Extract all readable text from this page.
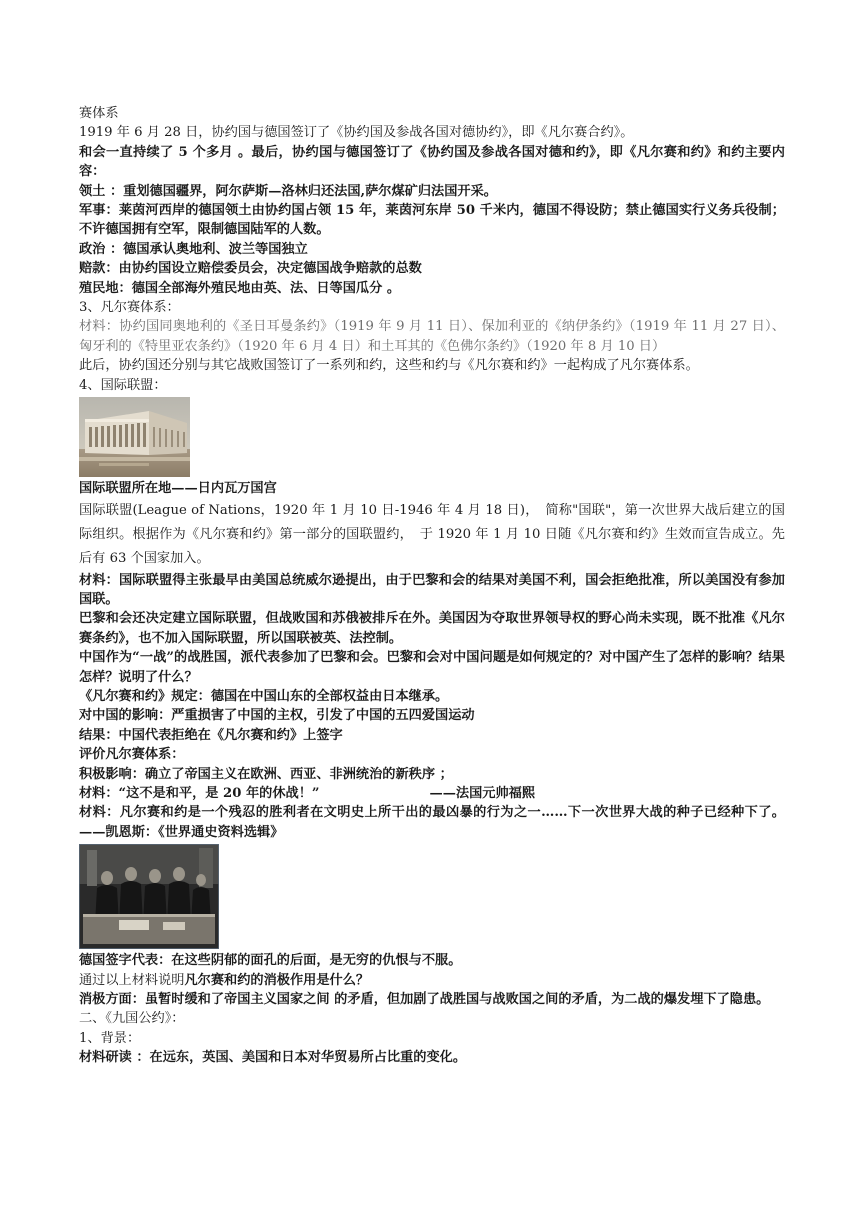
赛体系
1919 年 6 月 28 日，协约国与德国签订了《协约国及参战各国对德协约》，即《凡尔赛合约》。
和会一直持续了 5 个多月 。最后，协约国与德国签订了《协约国及参战各国对德和约》，即《凡尔赛和约》和约主要内容：
领土 ：重划德国疆界，阿尔萨斯—洛林归还法国,萨尔煤矿归法国开采。
军事：莱茵河西岸的德国领土由协约国占领 15 年，莱茵河东岸 50 千米内，德国不得设防；禁止德国实行义务兵役制；不许德国拥有空军，限制德国陆军的人数。
政治 ：德国承认奥地利、波兰等国独立
赔款：由协约国设立赔偿委员会，决定德国战争赔款的总数
殖民地：德国全部海外殖民地由英、法、日等国瓜分 。
3、凡尔赛体系：
材料：协约国同奥地利的《圣日耳曼条约》（1919 年 9 月 11 日）、保加利亚的《纳伊条约》（1919 年 11 月 27 日）、匈牙利的《特里亚农条约》（1920 年 6 月 4 日）和土耳其的《色佛尔条约》（1920 年 8 月 10 日）
此后，协约国还分别与其它战败国签订了一系列和约，这些和约与《凡尔赛和约》一起构成了凡尔赛体系。
4、国际联盟：
国际联盟所在地——日内瓦万国宫
国际联盟(League of Nations，1920 年 1 月 10 日-1946 年 4 月 18 日)，　简称"国联"，第一次世界大战后建立的国际组织。根据作为《凡尔赛和约》第一部分的国联盟约，　于 1920 年 1 月 10 日随《凡尔赛和约》生效而宣告成立。先后有 63 个国家加入。
材料：国际联盟得主张最早由美国总统威尔逊提出，由于巴黎和会的结果对美国不利，国会拒绝批准，所以美国没有参加国联。
巴黎和会还决定建立国际联盟，但战败国和苏俄被排斥在外。美国因为夺取世界领导权的野心尚未实现，既不批准《凡尔赛条约》，也不加入国际联盟，所以国联被英、法控制。
中国作为“一战”的战胜国，派代表参加了巴黎和会。巴黎和会对中国问题是如何规定的？对中国产生了怎样的影响？结果怎样？说明了什么？
《凡尔赛和约》规定：德国在中国山东的全部权益由日本继承。
对中国的影响：严重损害了中国的主权，引发了中国的五四爱国运动
结果：中国代表拒绝在《凡尔赛和约》上签字
评价凡尔赛体系：
积极影响：确立了帝国主义在欧洲、西亚、非洲统治的新秩序 ；
材料：“这不是和平，是 20 年的休战！”	——法国元帅福熙
材料：凡尔赛和约是一个残忍的胜利者在文明史上所干出的最凶暴的行为之一……下一次世界大战的种子已经种下了。 ——凯恩斯：《世界通史资料选辑》
德国签字代表：在这些阴郁的面孔的后面，是无穷的仇恨与不服。
通过以上材料说明凡尔赛和约的消极作用是什么？
消极方面：虽暂时缓和了帝国主义国家之间 的矛盾，但加剧了战胜国与战败国之间的矛盾，为二战的爆发埋下了隐患。
二、《九国公约》：
1、背景：
材料研读 ：在远东，英国、美国和日本对华贸易所占比重的变化。
